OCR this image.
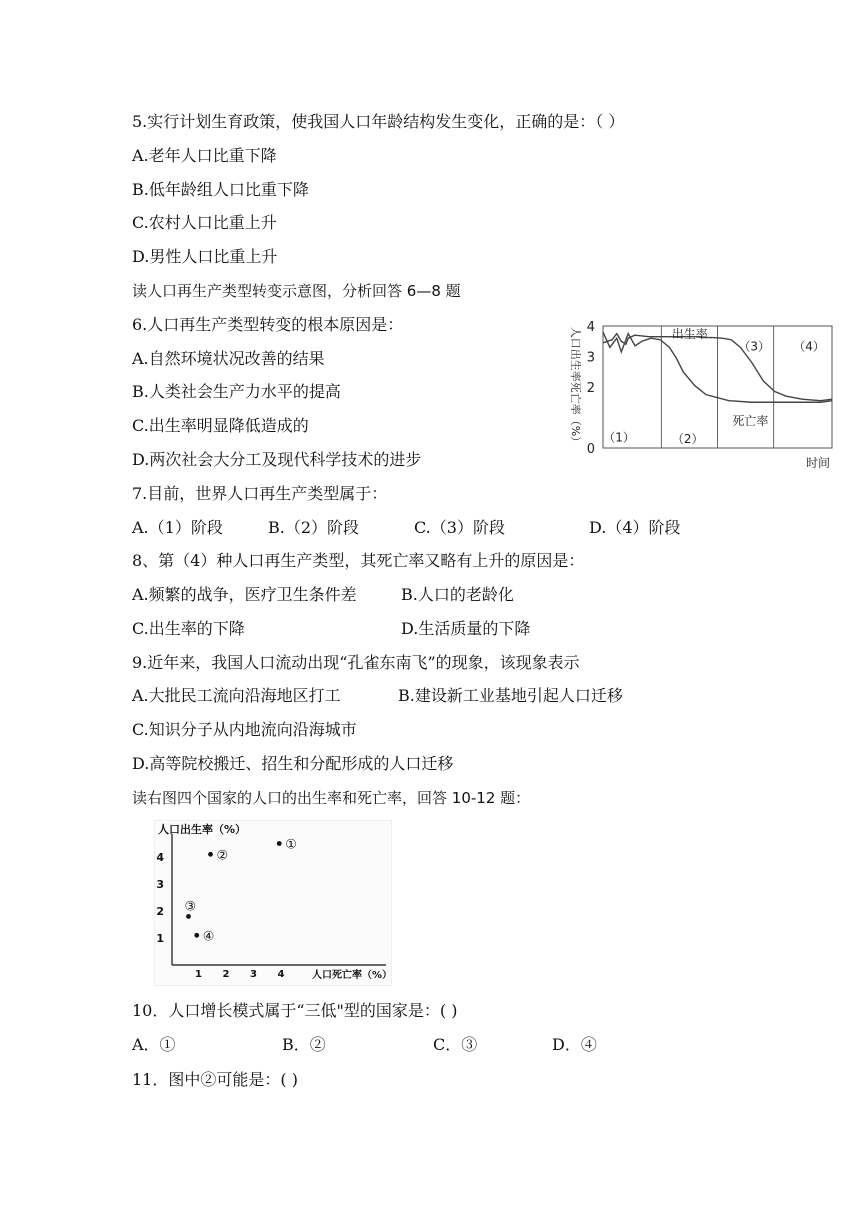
5.实行计划生育政策，使我国人口年龄结构发生变化，正确的是：（ ）
A.老年人口比重下降
B.低年龄组人口比重下降
C.农村人口比重上升
D.男性人口比重上升
读人口再生产类型转变示意图，分析回答 6—8 题
6.人口再生产类型转变的根本原因是：
A.自然环境状况改善的结果
B.人类社会生产力水平的提高
C.出生率明显降低造成的
D.两次社会大分工及现代科学技术的进步
0
2
3
4
人口出生率死亡率（%）
时间
（1）	（2）
（3） （4）
出生率
死亡率
7.目前，世界人口再生产类型属于：
A.（1）阶段	B.（2）阶段	C.（3）阶段	D.（4）阶段
8、第（4）种人口再生产类型，其死亡率又略有上升的原因是：
A.频繁的战争，医疗卫生条件差	B.人口的老龄化
C.出生率的下降	D.生活质量的下降
9.近年来，我国人口流动出现“孔雀东南飞”的现象，该现象表示
A.大批民工流向沿海地区打工	B.建设新工业基地引起人口迁移
C.知识分子从内地流向沿海城市
D.高等院校搬迁、招生和分配形成的人口迁移
读右图四个国家的人口的出生率和死亡率，回答 10-12 题：
1
2
3
4
1 2 3 4
人口出生率（%）
人口死亡率（%）
①
②
③
④
10．人口增长模式属于“三低"型的国家是：( )
A．①	B．②	C．③	D．④
11．图中②可能是：( )
